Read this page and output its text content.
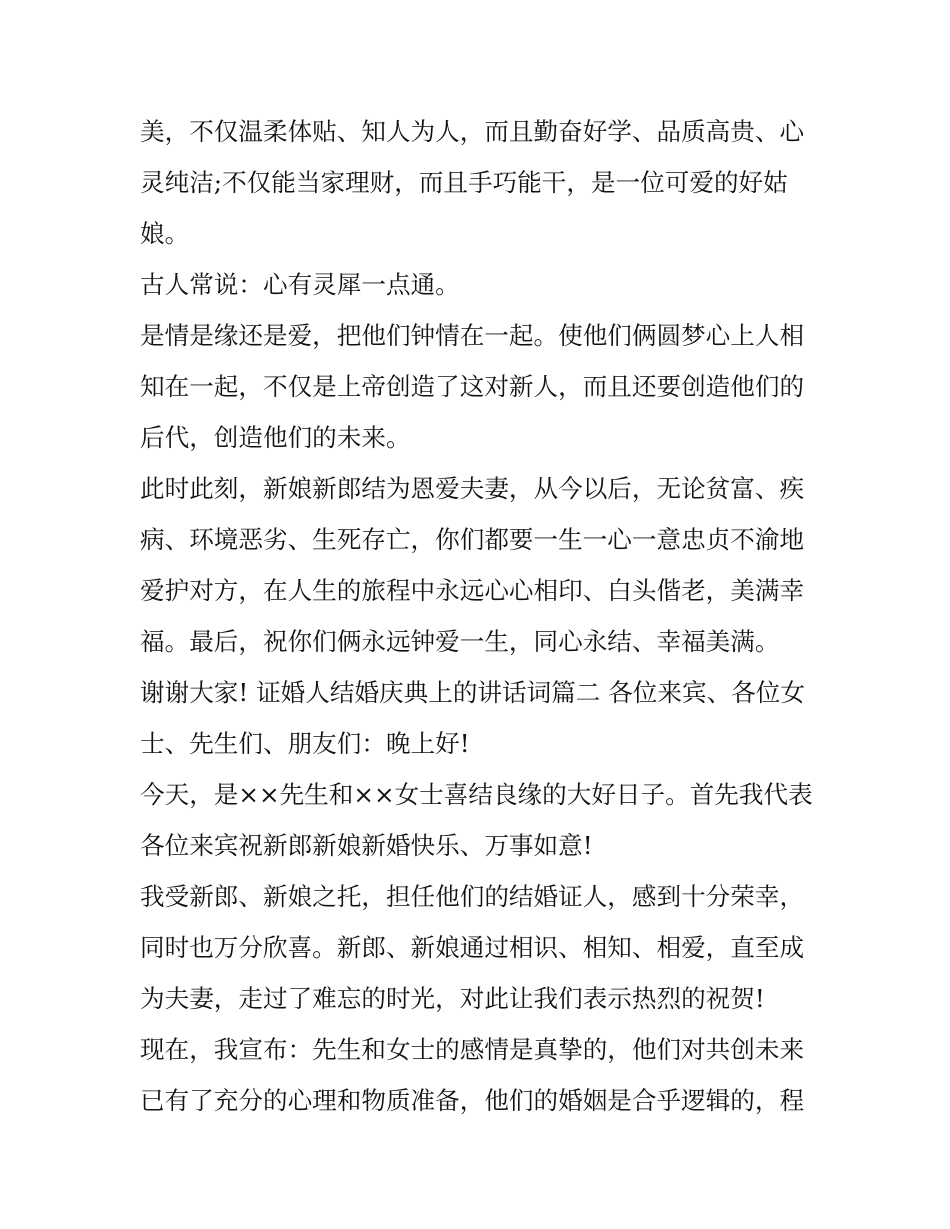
美，不仅温柔体贴、知人为人，而且勤奋好学、品质高贵、心
灵纯洁;不仅能当家理财，而且手巧能干，是一位可爱的好姑
娘。
古人常说：心有灵犀一点通。
是情是缘还是爱，把他们钟情在一起。使他们俩圆梦心上人相
知在一起，不仅是上帝创造了这对新人，而且还要创造他们的
后代，创造他们的未来。
此时此刻，新娘新郎结为恩爱夫妻，从今以后，无论贫富、疾
病、环境恶劣、生死存亡，你们都要一生一心一意忠贞不渝地
爱护对方，在人生的旅程中永远心心相印、白头偕老，美满幸
福。最后，祝你们俩永远钟爱一生，同心永结、幸福美满。
谢谢大家! 证婚人结婚庆典上的讲话词篇二 各位来宾、各位女
士、先生们、朋友们：晚上好!
今天，是××先生和××女士喜结良缘的大好日子。首先我代表
各位来宾祝新郎新娘新婚快乐、万事如意!
我受新郎、新娘之托，担任他们的结婚证人，感到十分荣幸，
同时也万分欣喜。新郎、新娘通过相识、相知、相爱，直至成
为夫妻，走过了难忘的时光，对此让我们表示热烈的祝贺!
现在，我宣布：先生和女士的感情是真挚的，他们对共创未来
已有了充分的心理和物质准备，他们的婚姻是合乎逻辑的，程
